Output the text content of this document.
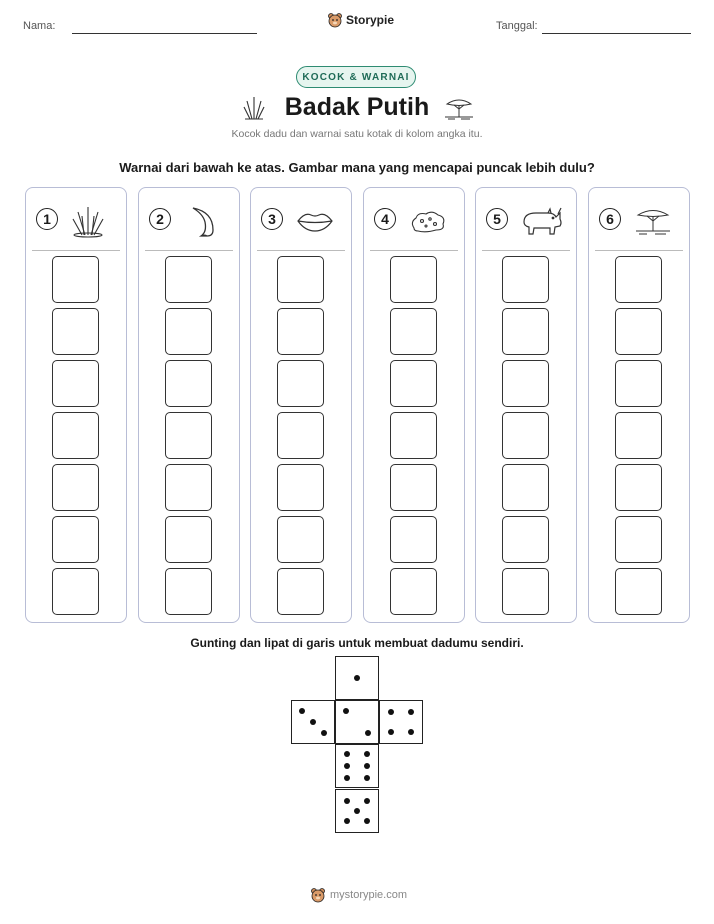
Nama:	Storypie	Tanggal:
KOCOK & WARNAI
Badak Putih
Kocok dadu dan warnai satu kotak di kolom angka itu.
Warnai dari bawah ke atas. Gambar mana yang mencapai puncak lebih dulu?
1	2	3	4	5	6
Gunting dan lipat di garis untuk membuat dadumu sendiri.
mystorypie.com
